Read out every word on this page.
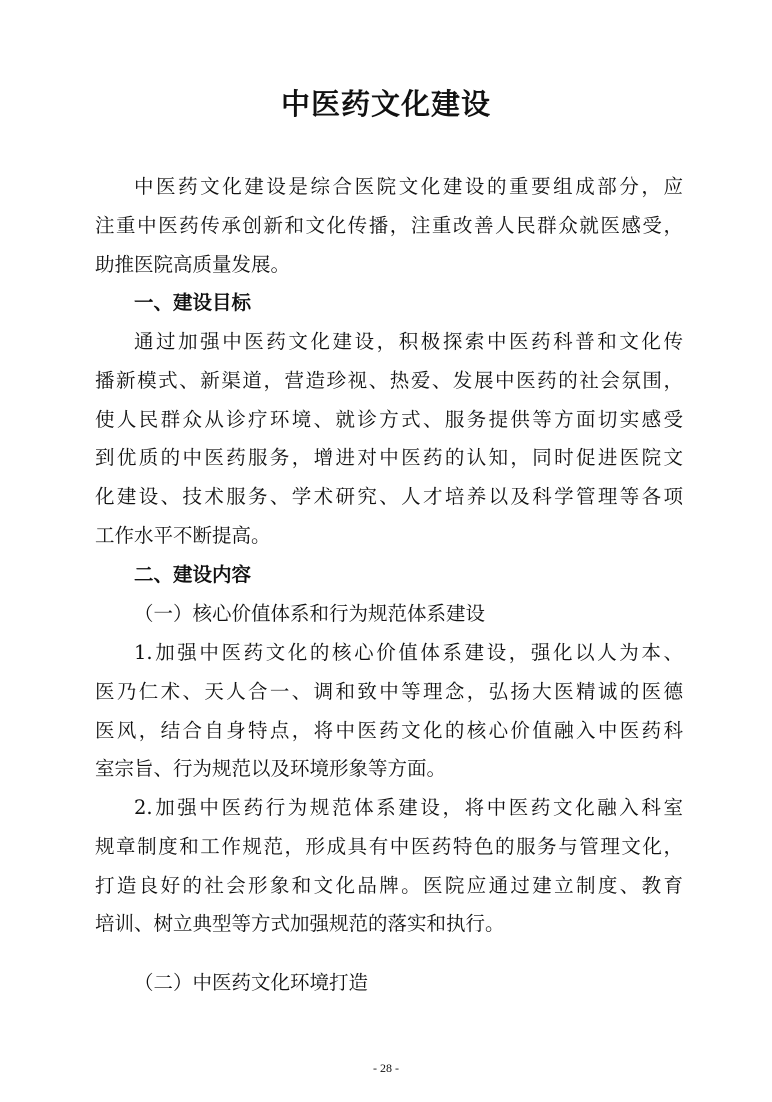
中医药文化建设
中医药文化建设是综合医院文化建设的重要组成部分，应
注重中医药传承创新和文化传播，注重改善人民群众就医感受，
助推医院高质量发展。
一、建设目标
通过加强中医药文化建设，积极探索中医药科普和文化传
播新模式、新渠道，营造珍视、热爱、发展中医药的社会氛围，
使人民群众从诊疗环境、就诊方式、服务提供等方面切实感受
到优质的中医药服务，增进对中医药的认知，同时促进医院文
化建设、技术服务、学术研究、人才培养以及科学管理等各项
工作水平不断提高。
二、建设内容
（一）核心价值体系和行为规范体系建设
1.加强中医药文化的核心价值体系建设，强化以人为本、
医乃仁术、天人合一、调和致中等理念，弘扬大医精诚的医德
医风，结合自身特点，将中医药文化的核心价值融入中医药科
室宗旨、行为规范以及环境形象等方面。
2.加强中医药行为规范体系建设，将中医药文化融入科室
规章制度和工作规范，形成具有中医药特色的服务与管理文化，
打造良好的社会形象和文化品牌。医院应通过建立制度、教育
培训、树立典型等方式加强规范的落实和执行。
（二）中医药文化环境打造
- 28 -
